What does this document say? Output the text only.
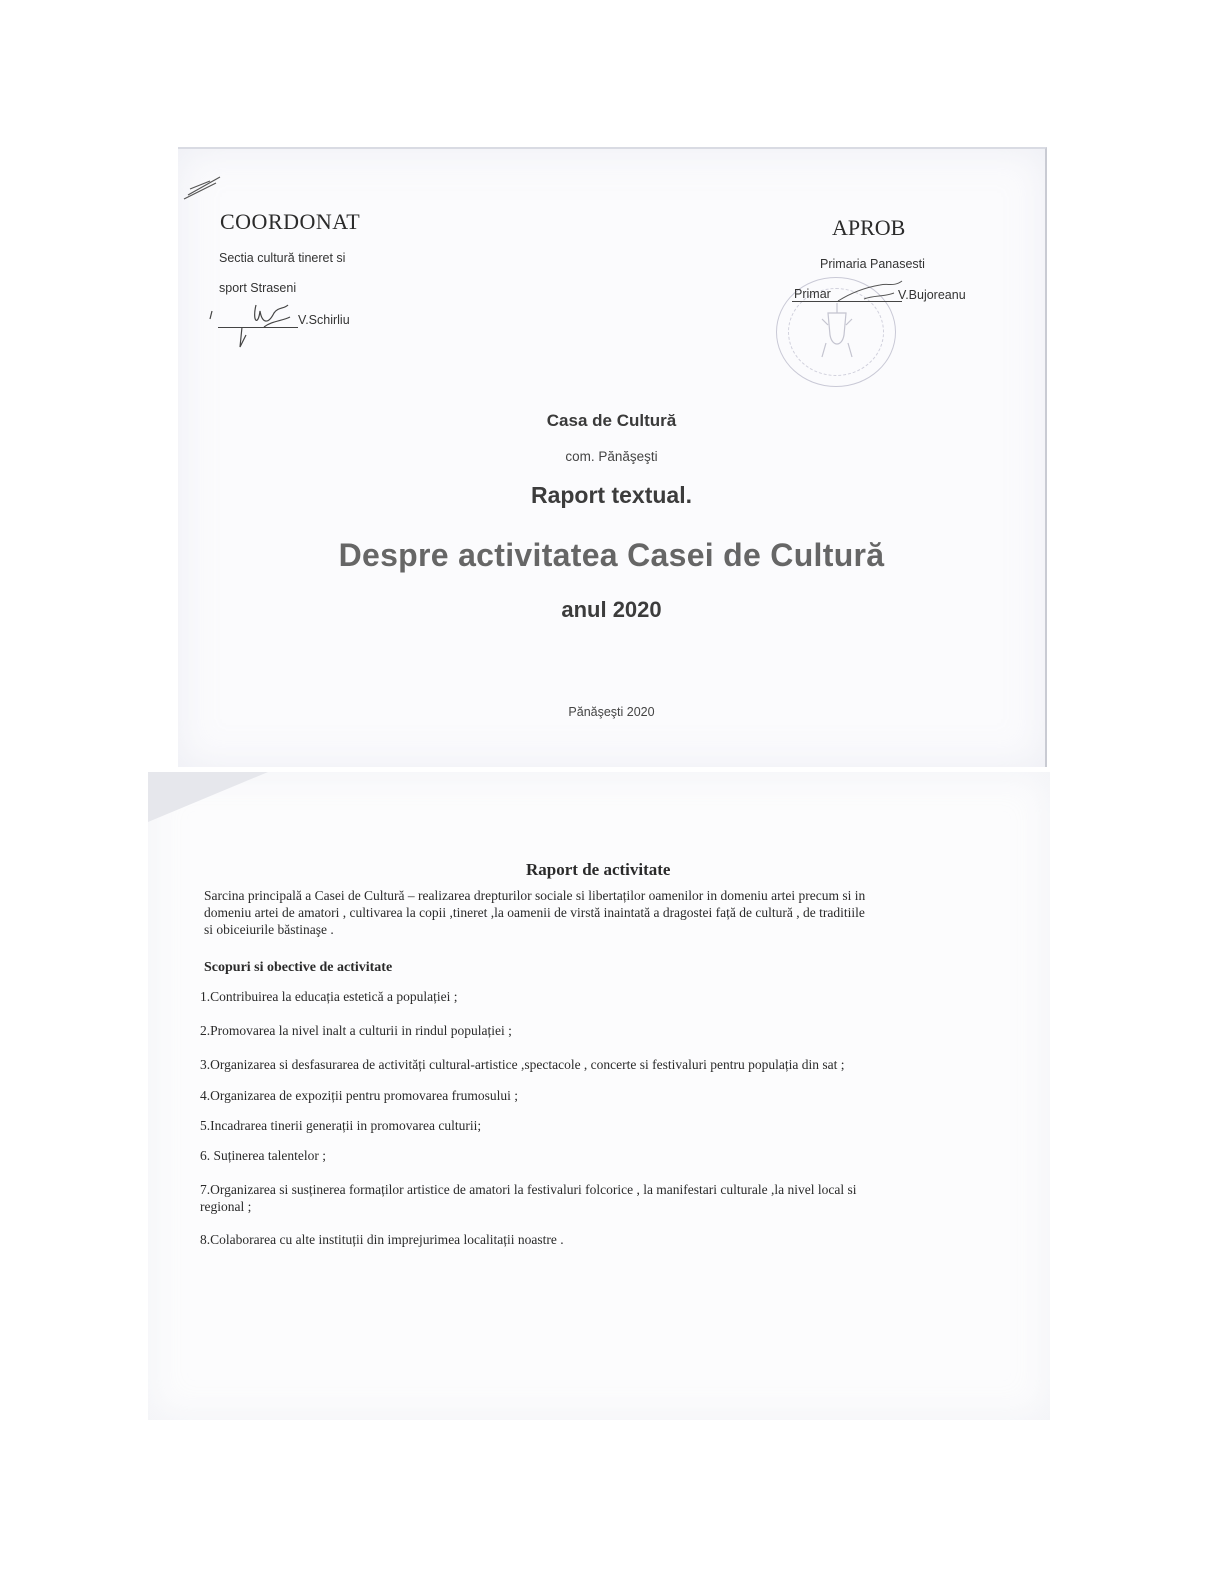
COORDONAT
Sectia cultură tineret si
sport Straseni
V.Schirliu
APROB
Primaria Panasesti
Primar	V.Bujoreanu
Casa de Cultură
com. Pănăşeşti
Raport textual.
Despre activitatea Casei de Cultură
anul 2020
Pănăşeşti 2020
Raport de activitate
Sarcina principală a Casei de Cultură – realizarea drepturilor sociale si libertaților oamenilor in domeniu artei precum si in
domeniu artei de amatori , cultivarea la copii ,tineret ,la oamenii de virstă inaintată a dragostei față de cultură , de traditiile
si obiceiurile băstinaşe .
Scopuri si obective de activitate
1.Contribuirea la educația estetică a populației ;
2.Promovarea la nivel inalt a culturii in rindul populației ;
3.Organizarea si desfasurarea de activități cultural-artistice ,spectacole , concerte si festivaluri pentru populația din sat ;
4.Organizarea de expoziții pentru promovarea frumosului ;
5.Incadrarea tinerii generații in promovarea culturii;
6. Suținerea talentelor ;
7.Organizarea si susținerea formaților artistice de amatori la festivaluri folcorice , la manifestari culturale ,la nivel local si
regional ;
8.Colaborarea cu alte instituții din imprejurimea localitații noastre .
